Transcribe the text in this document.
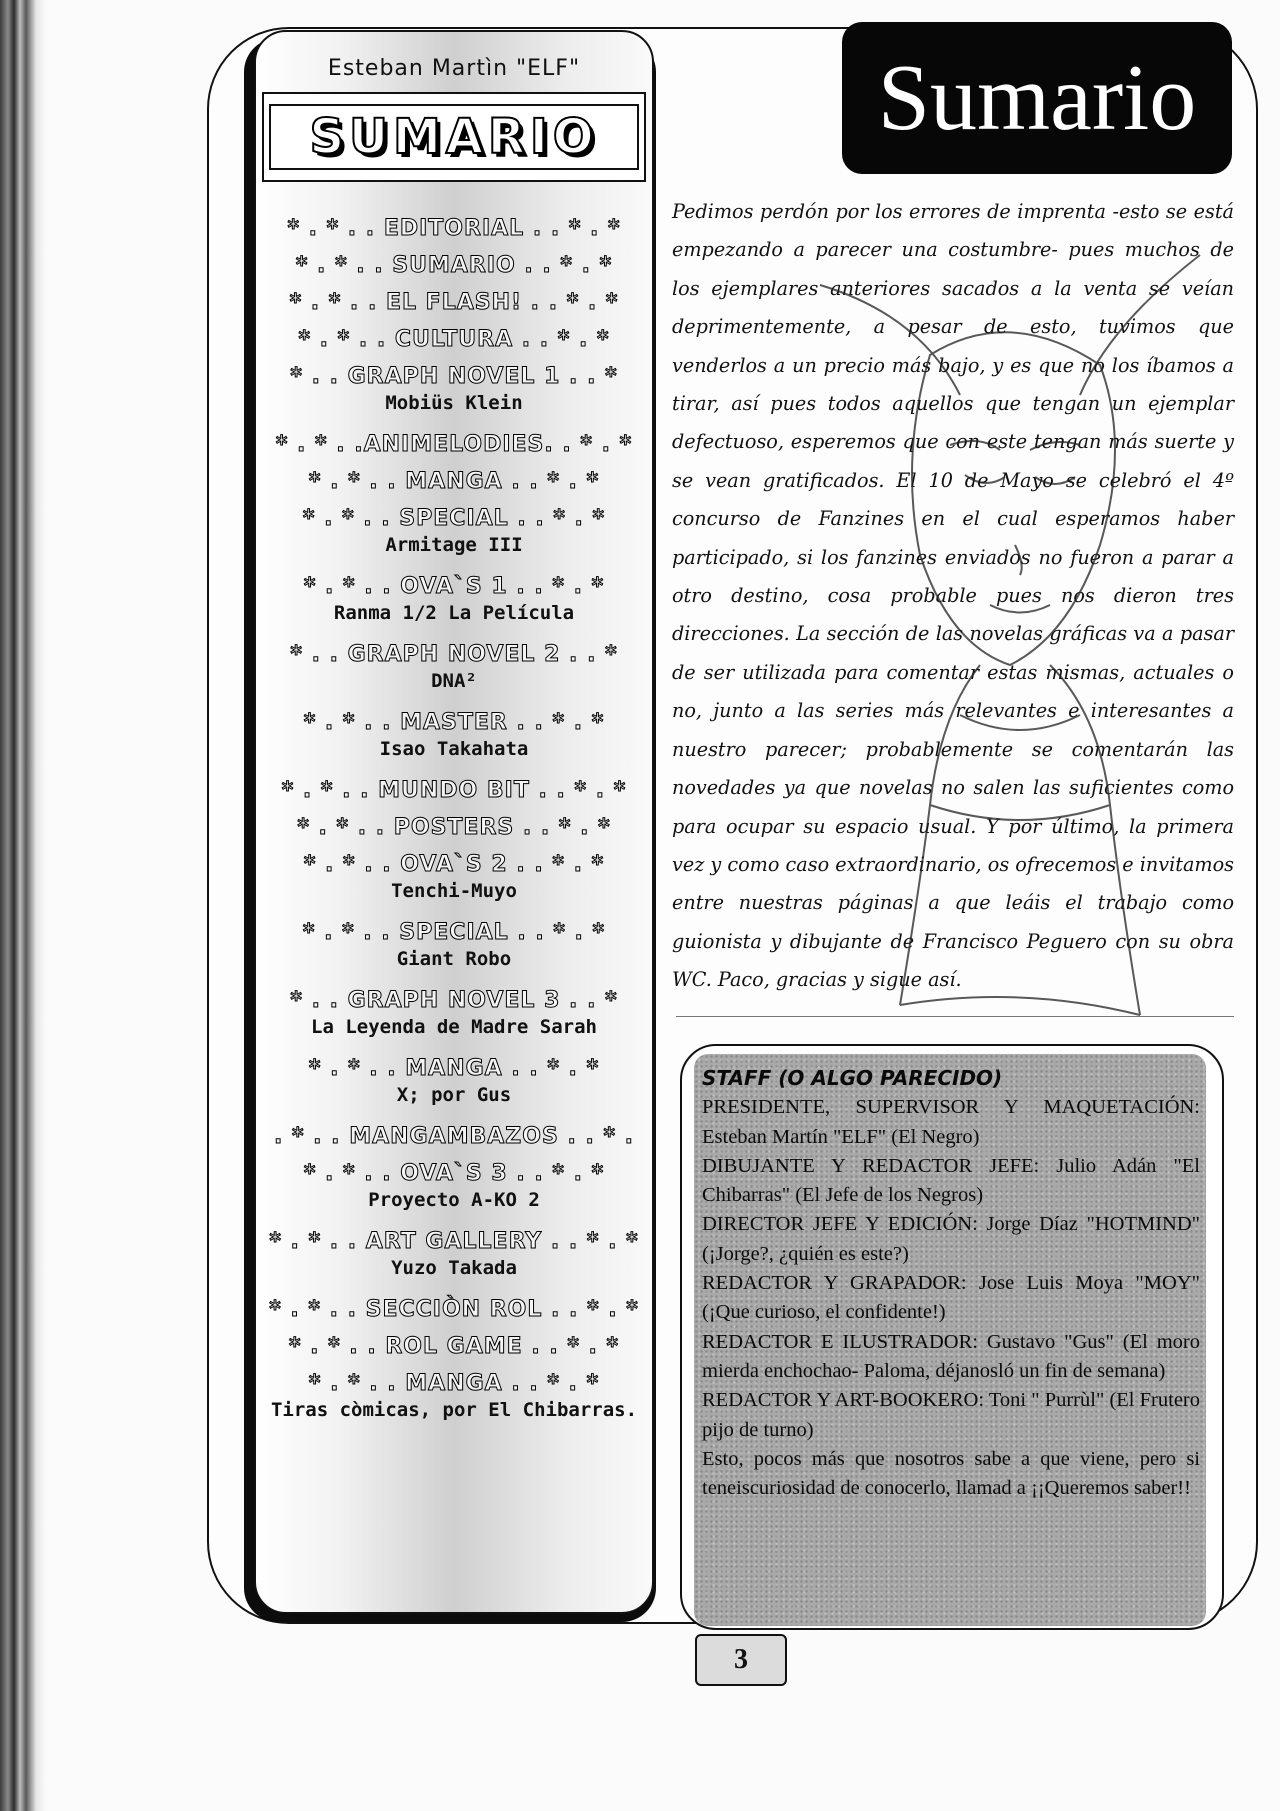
Esteban Martìn "ELF"
SUMARIO
* . * . . EDITORIAL . . * . *
* . * . . SUMARIO . . * . *
* . * . . EL FLASH! . . * . *
* . * . . CULTURA . . * . *
* . . GRAPH NOVEL 1 . . *
Mobiüs Klein
* . * . .ANIMELODIES. . * . *
* . * . . MANGA . . * . *
* . * . . SPECIAL . . * . *
Armitage III
* . * . . OVA`S 1 . . * . *
Ranma 1/2 La Película
* . . GRAPH NOVEL 2 . . *
DNA²
* . * . . MASTER . . * . *
Isao Takahata
* . * . . MUNDO BIT . . * . *
* . * . . POSTERS . . * . *
* . * . . OVA`S 2 . . * . *
Tenchi-Muyo
* . * . . SPECIAL . . * . *
Giant Robo
* . . GRAPH NOVEL 3 . . *
La Leyenda de Madre Sarah
* . * . . MANGA . . * . *
X; por Gus
. * . . MANGAMBAZOS . . * .
* . * . . OVA`S 3 . . * . *
Proyecto A-KO 2
* . * . . ART GALLERY . . * . *
Yuzo Takada
* . * . . SECCIÒN ROL . . * . *
* . * . . ROL GAME . . * . *
* . * . . MANGA . . * . *
Tiras còmicas, por El Chibarras.
Sumario
Pedimos perdón por los errores de imprenta -esto se está empezando a parecer una costumbre- pues muchos de los ejemplares anteriores sacados a la venta se veían deprimentemente, a pesar de esto, tuvimos que venderlos a un precio más bajo, y es que no los íbamos a tirar, así pues todos aquellos que tengan un ejemplar defectuoso, esperemos que con este tengan más suerte y se vean gratificados. El 10 de Mayo se celebró el 4º concurso de Fanzines en el cual esperamos haber participado, si los fanzines enviados no fueron a parar a otro destino, cosa probable pues nos dieron tres direcciones. La sección de las novelas gráficas va a pasar de ser utilizada para comentar estas mismas, actuales o no, junto a las series más relevantes e interesantes a nuestro parecer; probablemente se comentarán las novedades ya que novelas no salen las suficientes como para ocupar su espacio usual. Y por último, la primera vez y como caso extraordinario, os ofrecemos e invitamos entre nuestras páginas a que leáis el trabajo como guionista y dibujante de Francisco Peguero con su obra WC. Paco, gracias y sigue así.
STAFF (O ALGO PARECIDO)
PRESIDENTE, SUPERVISOR Y MAQUETACIÓN: Esteban Martín "ELF" (El Negro)
DIBUJANTE Y REDACTOR JEFE: Julio Adán "El Chibarras" (El Jefe de los Negros)
DIRECTOR JEFE Y EDICIÓN: Jorge Díaz "HOTMIND" (¡Jorge?, ¿quién es este?)
REDACTOR Y GRAPADOR: Jose Luis Moya "MOY" (¡Que curioso, el confidente!)
REDACTOR E ILUSTRADOR: Gustavo "Gus" (El moro mierda enchochao- Paloma, déjanosló un fin de semana)
REDACTOR Y ART-BOOKERO: Toni " Purrùl" (El Frutero pijo de turno)
Esto, pocos más que nosotros sabe a que viene, pero si teneiscuriosidad de conocerlo, llamad a ¡¡Queremos saber!!
3
